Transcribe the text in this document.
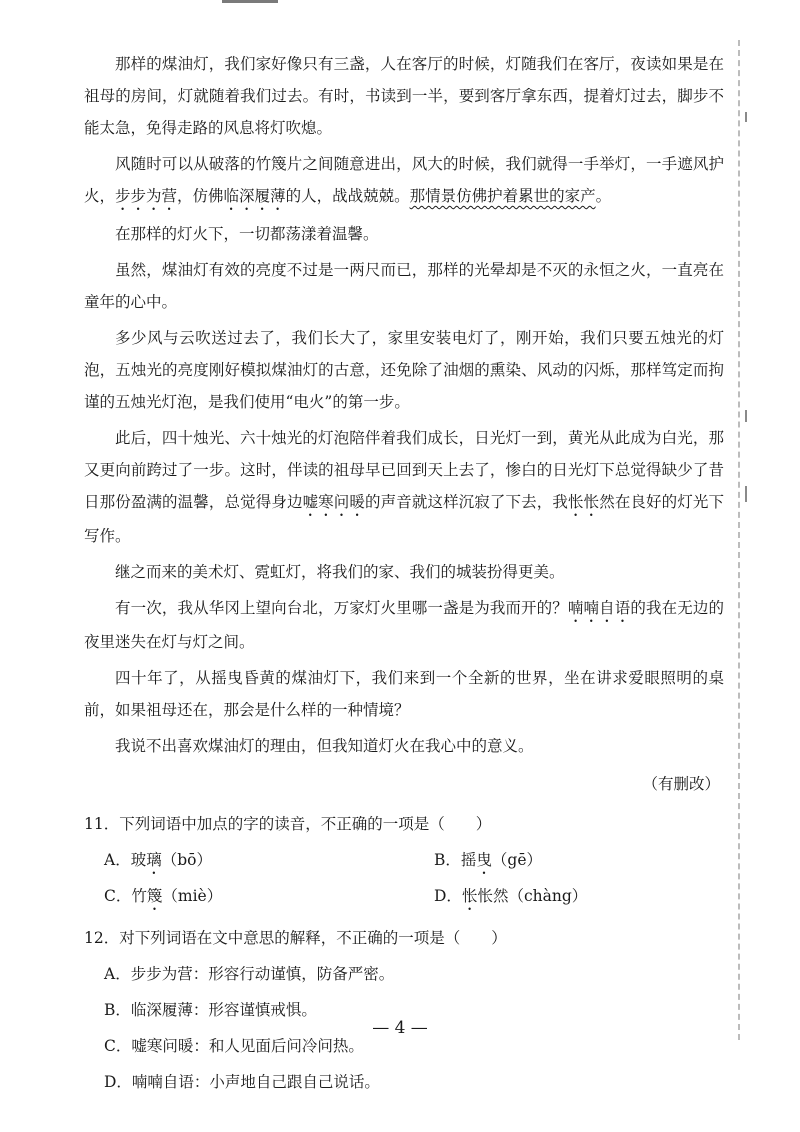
那样的煤油灯，我们家好像只有三盏，人在客厅的时候，灯随我们在客厅，夜读如果是在祖母的房间，灯就随着我们过去。有时，书读到一半，要到客厅拿东西，提着灯过去，脚步不能太急，免得走路的风息将灯吹熄。

风随时可以从破落的竹篾片之间随意进出，风大的时候，我们就得一手举灯，一手遮风护火，步步为营，仿佛临深履薄的人，战战兢兢。那情景仿佛护着累世的家产。

在那样的灯火下，一切都荡漾着温馨。

虽然，煤油灯有效的亮度不过是一两尺而已，那样的光晕却是不灭的永恒之火，一直亮在童年的心中。

多少风与云吹送过去了，我们长大了，家里安装电灯了，刚开始，我们只要五烛光的灯泡，五烛光的亮度刚好模拟煤油灯的古意，还免除了油烟的熏染、风动的闪烁，那样笃定而拘谨的五烛光灯泡，是我们使用“电火”的第一步。

此后，四十烛光、六十烛光的灯泡陪伴着我们成长，日光灯一到，黄光从此成为白光，那又更向前跨过了一步。这时，伴读的祖母早已回到天上去了，惨白的日光灯下总觉得缺少了昔日那份盈满的温馨，总觉得身边嘘寒问暖的声音就这样沉寂了下去，我怅怅然在良好的灯光下写作。

继之而来的美术灯、霓虹灯，将我们的家、我们的城装扮得更美。

有一次，我从华冈上望向台北，万家灯火里哪一盏是为我而开的？喃喃自语的我在无边的夜里迷失在灯与灯之间。

四十年了，从摇曳昏黄的煤油灯下，我们来到一个全新的世界，坐在讲求爱眼照明的桌前，如果祖母还在，那会是什么样的一种情境？

我说不出喜欢煤油灯的理由，但我知道灯火在我心中的意义。

（有删改）

11．下列词语中加点的字的读音，不正确的一项是（　　）

A．玻璃（bō）	B．摇曳（gē）

C．竹篾（miè）	D．怅怅然（chàng）

12．对下列词语在文中意思的解释，不正确的一项是（　　）

A．步步为营：形容行动谨慎，防备严密。

B．临深履薄：形容谨慎戒惧。

C．嘘寒问暖：和人见面后问冷问热。

D．喃喃自语：小声地自己跟自己说话。

— 4 —
